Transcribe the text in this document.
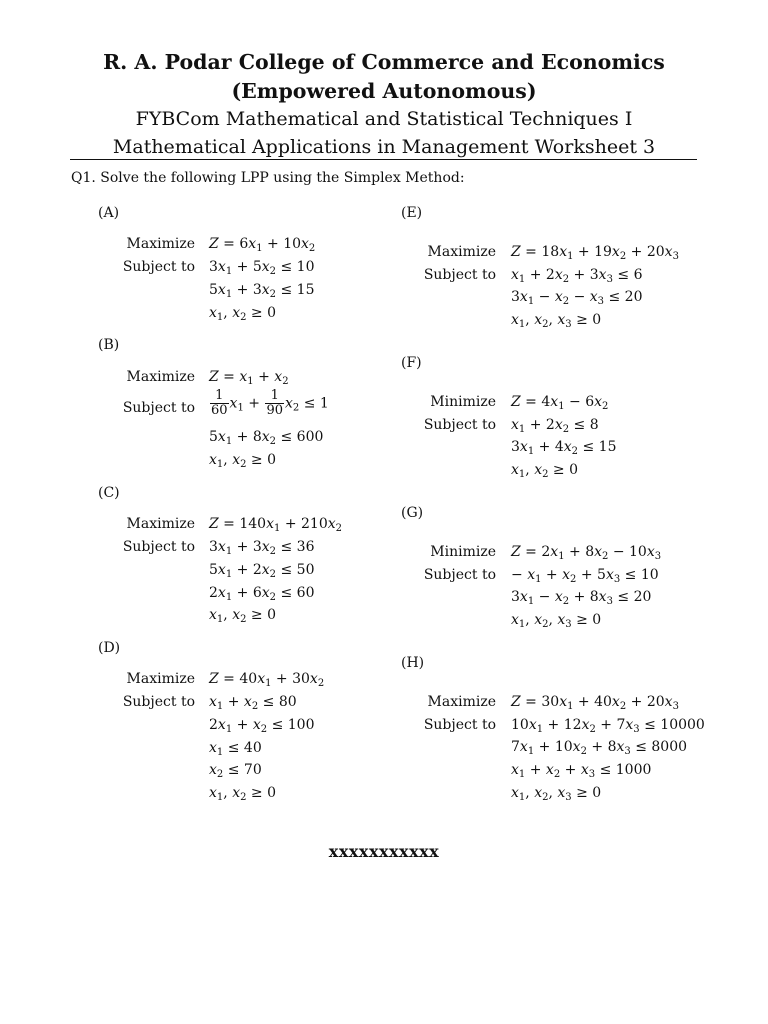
R. A. Podar College of Commerce and Economics
(Empowered Autonomous)
FYBCom Mathematical and Statistical Techniques I
Mathematical Applications in Management Worksheet 3
Q1. Solve the following LPP using the Simplex Method:
(A)
Maximize $Z = 6x_1 + 10x_2$
Subject to $3x_1 + 5x_2 \le 10$
$5x_1 + 3x_2 \le 15$
$x_1$, $x_2 \ge 0$
(B)
Maximize $Z = x_1 + x_2$
Subject to $\frac{1}{60} x_1 + \frac{1}{90} x_2 \le 1$
$5x_1 + 8x_2 \le 600$
$x_1$, $x_2 \ge 0$
(C)
Maximize $Z = 140x_1 + 210x_2$
Subject to $3x_1 + 3x_2 \le 36$
$5x_1 + 2x_2 \le 50$
$2x_1 + 6x_2 \le 60$
$x_1$, $x_2 \ge 0$
(D)
Maximize $Z = 40x_1 + 30x_2$
Subject to $x_1 + x_2 \le 80$
$2x_1 + x_2 \le 100$
$x_1 \le 40$
$x_2 \le 70$
$x_1$, $x_2 \ge 0$
(E)
Maximize $Z = 18x_1 + 19x_2 + 20x_3$
Subject to $x_1 + 2x_2 + 3x_3 \le 6$
$3x_1 - x_2 - x_3 \le 20$
$x_1$, $x_2$, $x_3 \ge 0$
(F)
Minimize $Z = 4x_1 - 6x_2$
Subject to $x_1 + 2x_2 \le 8$
$3x_1 + 4x_2 \le 15$
$x_1$, $x_2 \ge 0$
(G)
Minimize $Z = 2x_1 + 8x_2 - 10x_3$
Subject to − $x_1 + x_2 + 5x_3 \le 10$
$3x_1 - x_2 + 8x_3 \le 20$
$x_1$, $x_2$, $x_3 \ge 0$
(H)
Maximize $Z = 30x_1 + 40x_2 + 20x_3$
Subject to $10x_1 + 12x_2 + 7x_3 \le 10000$
$7x_1 + 10x_2 + 8x_3 \le 8000$
$x_1 + x_2 + x_3 \le 1000$
$x_1$, $x_2$, $x_3 \ge 0$
xxxxxxxxxxx
